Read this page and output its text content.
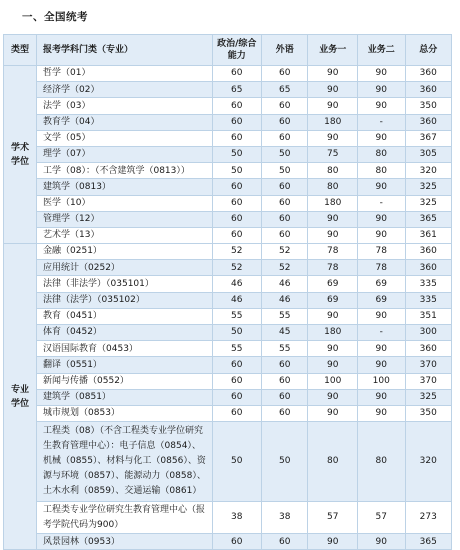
一、全国统考
类型	报考学科门类（专业）	政治/综合能力	外语	业务一	业务二	总分
学术学位	哲学（01）	60	60	90	90	360
	经济学（02）	65	65	90	90	360
	法学（03）	60	60	90	90	350
	教育学（04）	60	60	180	-	360
	文学（05）	60	60	90	90	367
	理学（07）	50	50	75	80	305
	工学（08）：（不含建筑学（0813））	50	50	80	80	320
	建筑学（0813）	60	60	80	90	325
	医学（10）	60	60	180	-	325
	管理学（12）	60	60	90	90	365
	艺术学（13）	60	60	90	90	361
专业学位	金融（0251）	52	52	78	78	360
	应用统计（0252）	52	52	78	78	360
	法律（非法学）（035101）	46	46	69	69	335
	法律（法学）（035102）	46	46	69	69	335
	教育（0451）	55	55	90	90	351
	体育（0452）	50	45	180	-	300
	汉语国际教育（0453）	55	55	90	90	360
	翻译（0551）	60	60	90	90	370
	新闻与传播（0552）	60	60	100	100	370
	建筑学（0851）	60	60	90	90	325
	城市规划（0853）	60	60	90	90	350
	工程类（08）（不含工程类专业学位研究生教育管理中心）：电子信息（0854）、机械（0855）、材料与化工（0856）、资源与环境（0857）、能源动力（0858）、土木水利（0859）、交通运输（0861）	50	50	80	80	320
	工程类专业学位研究生教育管理中心（报考学院代码为900）	38	38	57	57	273
	风景园林（0953）	60	60	90	90	365
